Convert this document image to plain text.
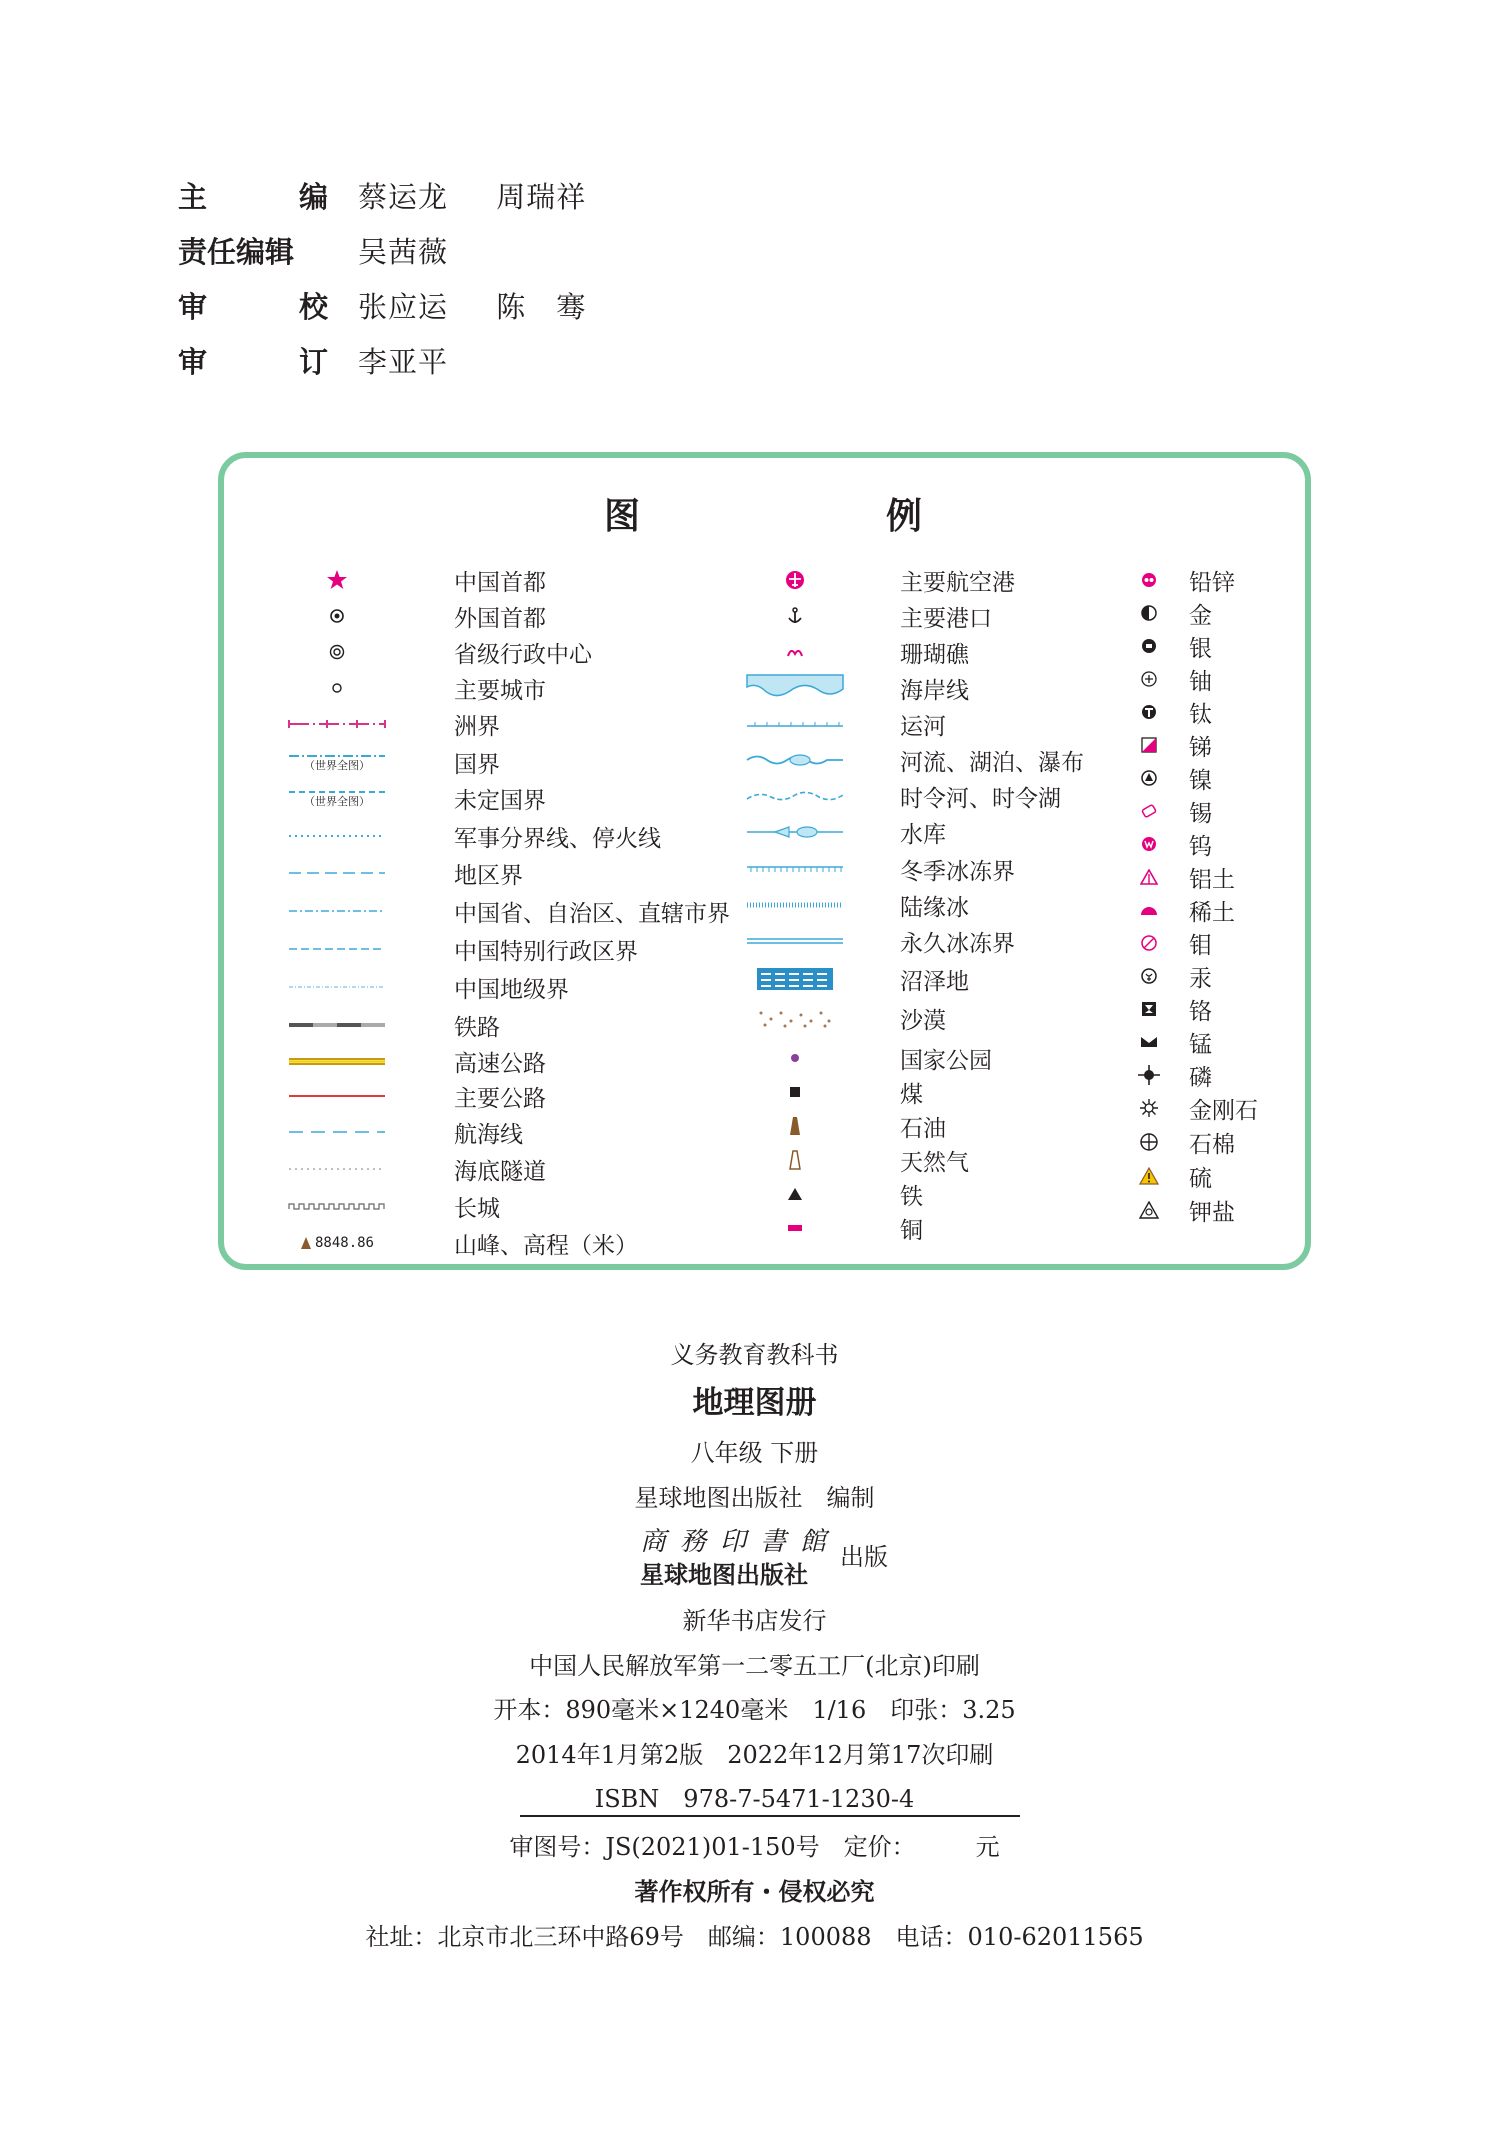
主	编 蔡运龙 周瑞祥
责任编辑 吴茜薇
审	校 张应运 陈　骞
审	订 李亚平
图	例
中国首都
外国首都
省级行政中心
主要城市
洲界
（世界全图）	国界
（世界全图）	未定国界
军事分界线、停火线
地区界
中国省、自治区、直辖市界
中国特别行政区界
中国地级界
铁路
高速公路
主要公路
航海线
海底隧道
长城
8848.86	山峰、高程（米）
主要航空港
主要港口
珊瑚礁
海岸线
运河
河流、湖泊、瀑布
时令河、时令湖
水库
冬季冰冻界
陆缘冰
永久冰冻界
沼泽地
沙漠
国家公园
煤
石油
天然气
铁
铜
铅锌
金
银
铀
钛
锑
镍
锡
钨
铝土
稀土
钼
汞
铬
锰
磷
金刚石
石棉
硫
钾盐
义务教育教科书
地理图册
八年级 下册
星球地图出版社　编制
商務印書館
星球地图出版社
出版
新华书店发行
中国人民解放军第一二零五工厂(北京)印刷
开本：890毫米×1240毫米　1/16　印张：3.25
2014年1月第2版　2022年12月第17次印刷
ISBN　978-7-5471-1230-4
审图号：JS(2021)01-150号　定价：　　　元
著作权所有・侵权必究
社址：北京市北三环中路69号　邮编：100088　电话：010-62011565
